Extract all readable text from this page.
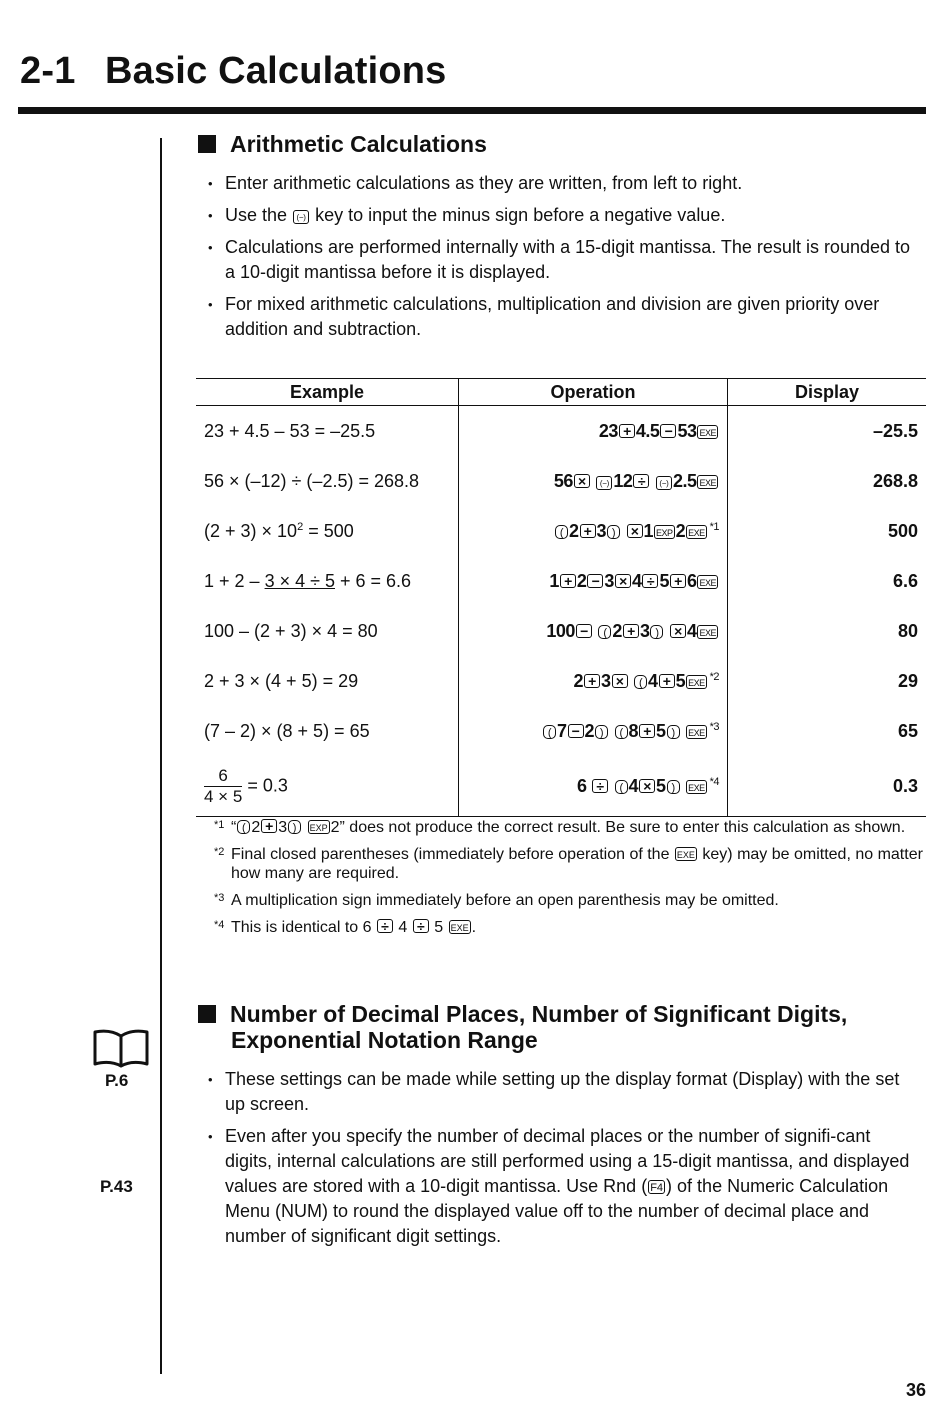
2-1 Basic Calculations
Arithmetic Calculations
• Enter arithmetic calculations as they are written, from left to right.
• Use the (−) key to input the minus sign before a negative value.
• Calculations are performed internally with a 15-digit mantissa. The result is rounded to a 10-digit mantissa before it is displayed.
• For mixed arithmetic calculations, multiplication and division are given priority over addition and subtraction.
Example	Operation	Display
23 + 4.5 – 53 = –25.5	23 + 4.5 − 53 EXE	–25.5
56 × (–12) ÷ (–2.5) = 268.8	56 × (−) 12 ÷ (−) 2.5 EXE	268.8
$(2 + 3) \times 10^2 = 500$	( 2 + 3 ) × 1 EXP 2 EXE $^{*1}$	500
1 + 2 – 3 × 4 ÷ 5 + 6 = 6.6	1 + 2 − 3 × 4 ÷ 5 + 6 EXE	6.6
100 – (2 + 3) × 4 = 80	100 − ( 2 + 3 ) × 4 EXE	80
2 + 3 × (4 + 5) = 29	2 + 3 × ( 4 + 5 EXE $^{*2}$	29
(7 – 2) × (8 + 5) = 65	( 7 − 2 ) ( 8 + 5 ) EXE $^{*3}$	65

$\frac{6}{4 \times 5} = 0.3$	6 ÷ ( 4 × 5 ) EXE $^{*4}$	0.3
*1 “ ( 2 + 3 ) EXP 2” does not produce the correct result. Be sure to enter this calculation as shown.
*2 Final closed parentheses (immediately before operation of the EXE key) may be omitted, no matter how many are required.
*3 A multiplication sign immediately before an open parenthesis may be omitted.
*4 This is identical to 6 ÷ 4 ÷ 5 EXE .
Number of Decimal Places, Number of Significant Digits,
Exponential Notation Range
• These settings can be made while setting up the display format (Display) with the set up screen.
• Even after you specify the number of decimal places or the number of signifi-cant digits, internal calculations are still performed using a 15-digit mantissa, and displayed values are stored with a 10-digit mantissa. Use Rnd ( F4 ) of the Numeric Calculation Menu (NUM) to round the displayed value off to the number of decimal place and number of significant digit settings.
P.6
P.43
36
